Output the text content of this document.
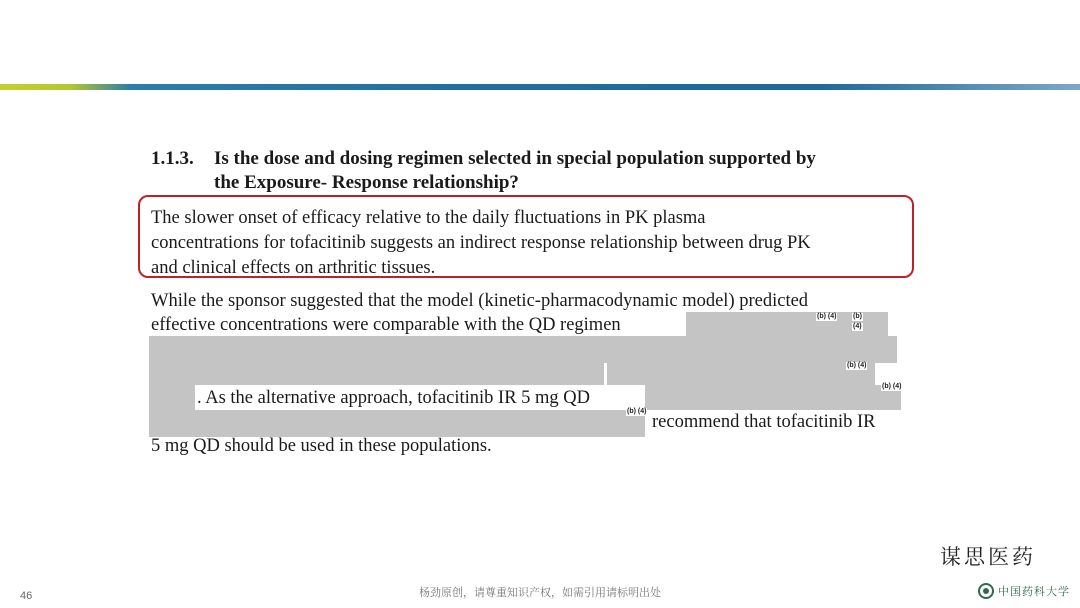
1.1.3. Is the dose and dosing regimen selected in special population supported by
the Exposure- Response relationship?
The slower onset of efficacy relative to the daily fluctuations in PK plasma
concentrations for tofacitinib suggests an indirect response relationship between drug PK
and clinical effects on arthritic tissues.
(b) (4) (b)
(4)
(b) (4)
(b) (4)
(b) (4)
While the sponsor suggested that the model (kinetic-pharmacodynamic model) predicted
effective concentrations were comparable with the QD regimen
. As the alternative approach, tofacitinib IR 5 mg QD
recommend that tofacitinib IR
5 mg QD should be used in these populations.
谋思医药
中国药科大学
46	杨劲原创，请尊重知识产权，如需引用请标明出处
